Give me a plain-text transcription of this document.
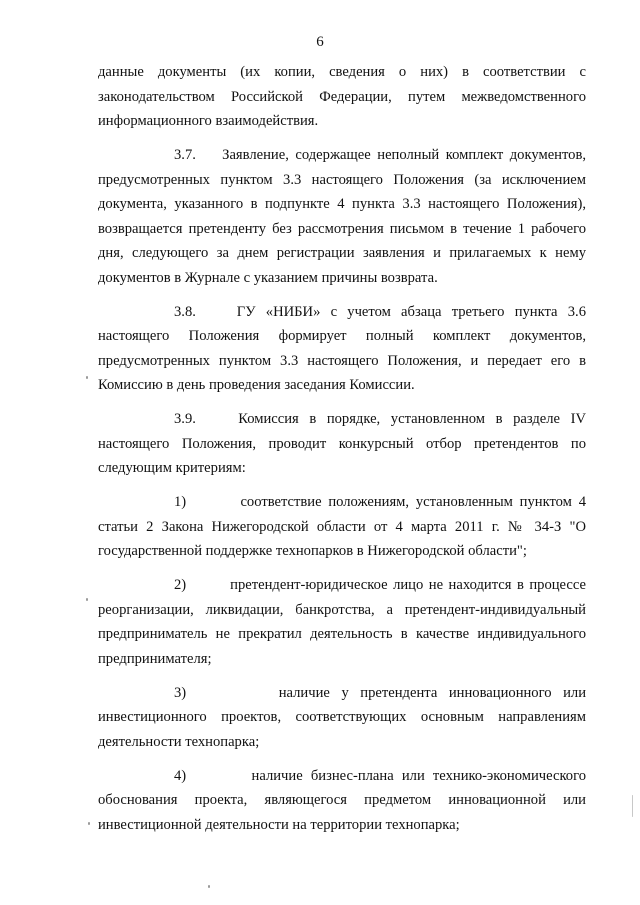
6

данные документы (их копии, сведения о них) в соответствии с законодательством Российской Федерации, путем межведомственного информационного взаимодействия.

3.7. Заявление, содержащее неполный комплект документов, предусмотренных пунктом 3.3 настоящего Положения (за исключением документа, указанного в подпункте 4 пункта 3.3 настоящего Положения), возвращается претенденту без рассмотрения письмом в течение 1 рабочего дня, следующего за днем регистрации заявления и прилагаемых к нему документов в Журнале с указанием причины возврата.

3.8.	ГУ «НИБИ» с учетом абзаца третьего пункта 3.6 настоящего Положения формирует полный комплект документов, предусмотренных пунктом 3.3 настоящего Положения, и передает его в Комиссию в день проведения заседания Комиссии.

3.9.	Комиссия в порядке, установленном в разделе IV настоящего Положения, проводит конкурсный отбор претендентов по следующим критериям:

1)	соответствие положениям, установленным пунктом 4 статьи 2 Закона Нижегородской области от 4 марта 2011 г. № 34-З "О государственной поддержке технопарков в Нижегородской области";

2)	претендент-юридическое лицо не находится в процессе реорганизации, ликвидации, банкротства, а претендент-индивидуальный предприниматель не прекратил деятельность в качестве индивидуального предпринимателя;

3)	наличие у претендента инновационного или инвестиционного проектов, соответствующих основным направлениям деятельности технопарка;

4)	наличие бизнес-плана или технико-экономического обоснования проекта, являющегося предметом инновационной или инвестиционной деятельности на территории технопарка;
